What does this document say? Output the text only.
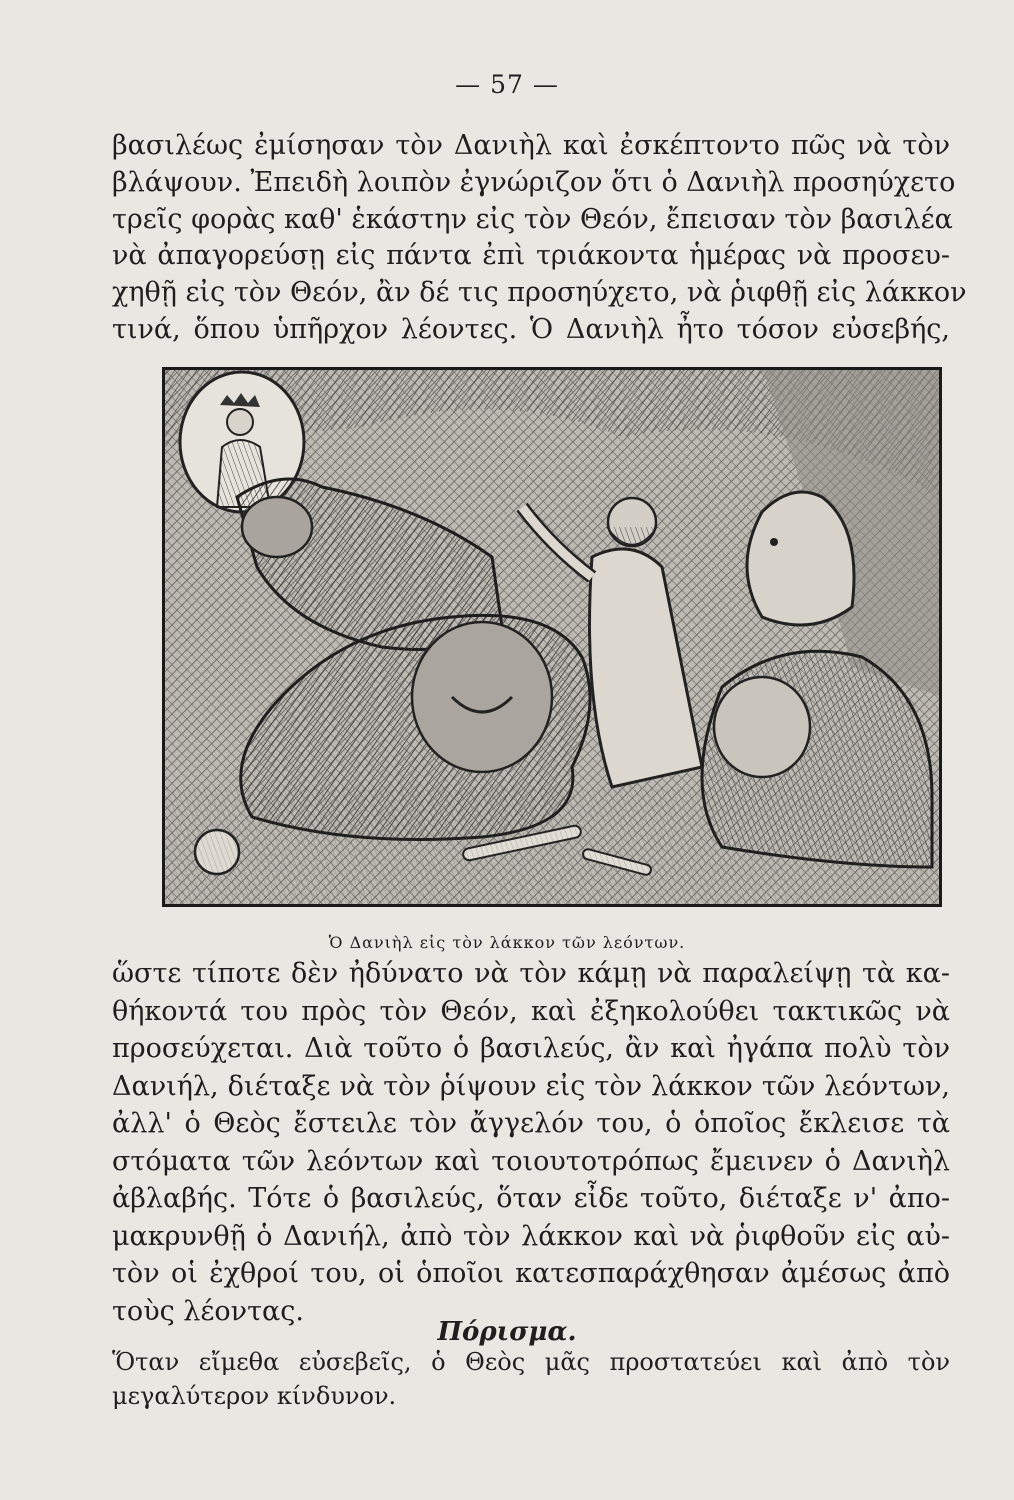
— 57 —
βασιλέως ἐμίσησαν τὸν Δανιὴλ καὶ ἐσκέπτοντο πῶς νὰ τὸν
βλάψουν. Ἐπειδὴ λοιπὸν ἐγνώριζον ὅτι ὁ Δανιὴλ προσηύχετο
τρεῖς φορὰς καθ' ἑκάστην εἰς τὸν Θεόν, ἔπεισαν τὸν βασιλέα
νὰ ἀπαγορεύσῃ εἰς πάντα ἐπὶ τριάκοντα ἡμέρας νὰ προσευ-
χηθῇ εἰς τὸν Θεόν, ἂν δέ τις προσηύχετο, νὰ ῥιφθῇ εἰς λάκκον
τινά, ὅπου ὑπῆρχον λέοντες. Ὁ Δανιὴλ ἦτο τόσον εὐσεβής,
Ὁ Δανιὴλ εἰς τὸν λάκκον τῶν λεόντων.
ὥστε τίποτε δὲν ἠδύνατο νὰ τὸν κάμῃ νὰ παραλείψῃ τὰ κα-
θήκοντά του πρὸς τὸν Θεόν, καὶ ἐξηκολούθει τακτικῶς νὰ
προσεύχεται. Διὰ τοῦτο ὁ βασιλεύς, ἂν καὶ ἠγάπα πολὺ τὸν
Δανιήλ, διέταξε νὰ τὸν ῥίψουν εἰς τὸν λάκκον τῶν λεόντων,
ἀλλ' ὁ Θεὸς ἔστειλε τὸν ἄγγελόν του, ὁ ὁποῖος ἔκλεισε τὰ
στόματα τῶν λεόντων καὶ τοιουτοτρόπως ἔμεινεν ὁ Δανιὴλ
ἀβλαβής. Τότε ὁ βασιλεύς, ὅταν εἶδε τοῦτο, διέταξε ν' ἀπο-
μακρυνθῇ ὁ Δανιήλ, ἀπὸ τὸν λάκκον καὶ νὰ ῥιφθοῦν εἰς αὐ-
τὸν οἱ ἐχθροί του, οἱ ὁποῖοι κατεσπαράχθησαν ἀμέσως ἀπὸ
τοὺς λέοντας.
Πόρισμα.
Ὅταν εἴμεθα εὐσεβεῖς, ὁ Θεὸς μᾶς προστατεύει καὶ ἀπὸ τὸν
μεγαλύτερον κίνδυνον.
